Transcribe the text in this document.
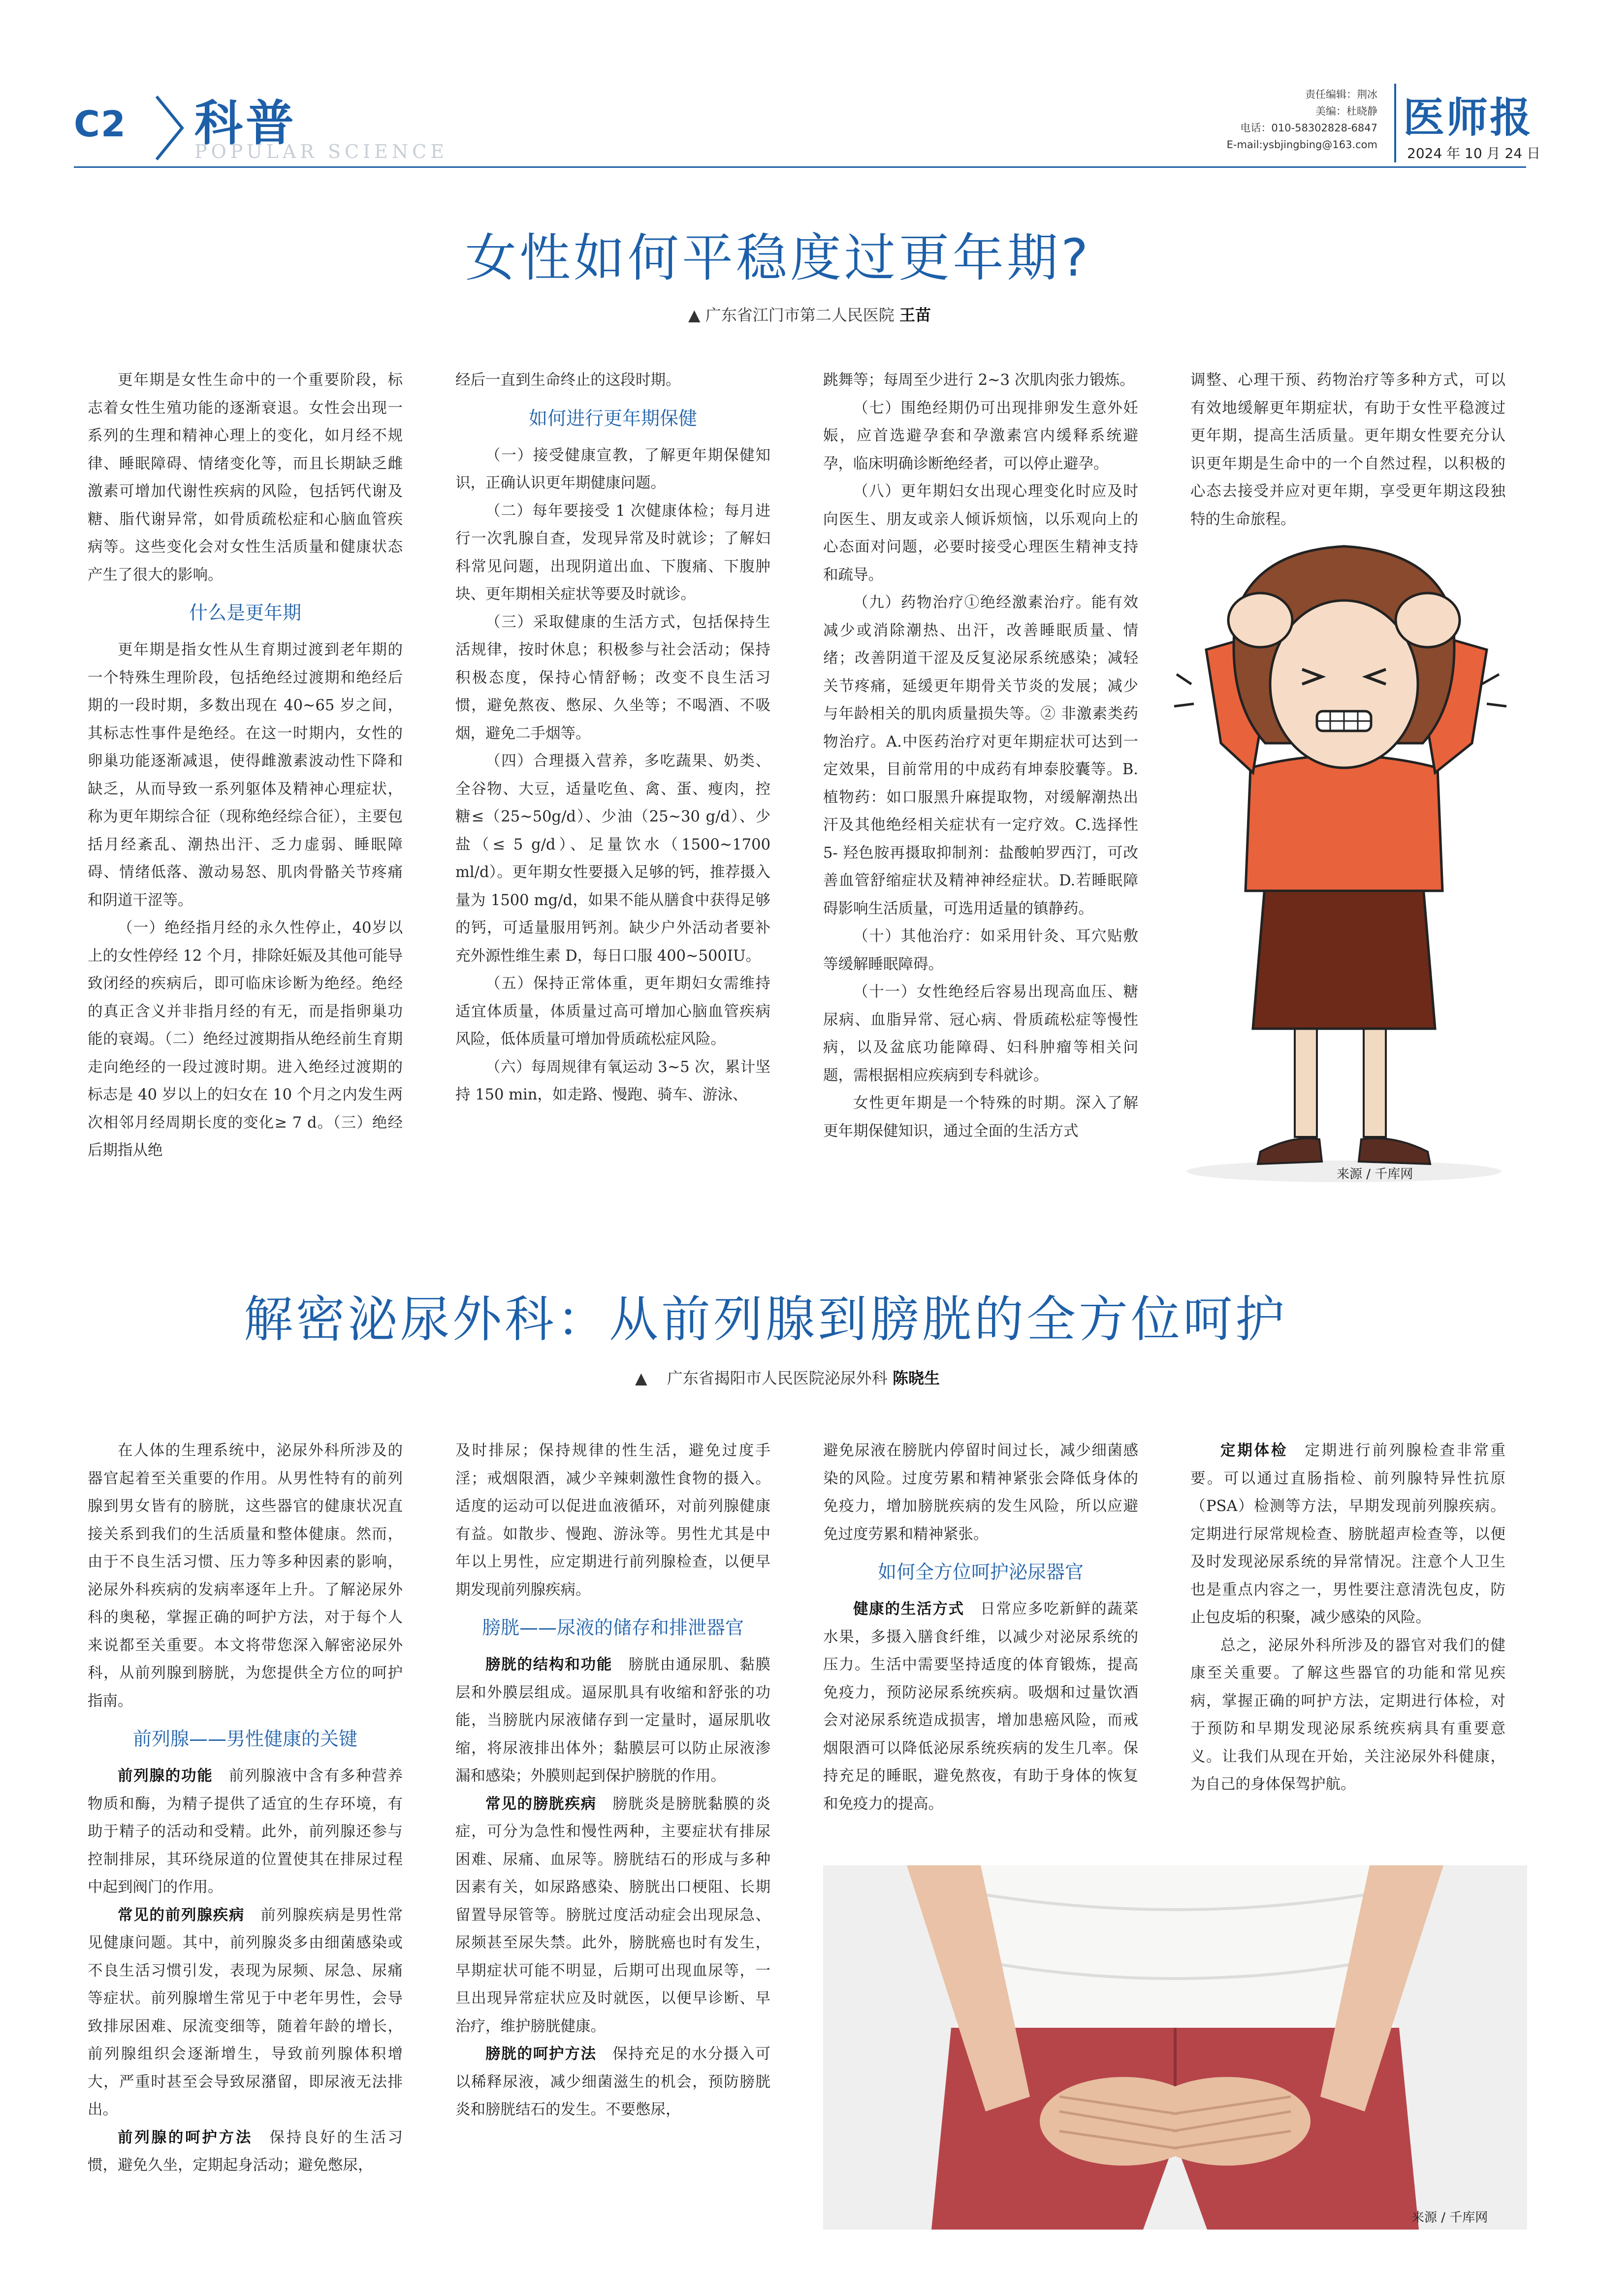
C2 科普
POPULAR SCIENCE
责任编辑：荆冰
美编：杜晓静
电话：010-58302828-6847
E-mail:ysbjingbing@163.com
医师报
2024 年 10 月 24 日
女性如何平稳度过更年期?
▲ 广东省江门市第二人民医院 王苗

更年期是女性生命中的一个重要阶段，标志着女性生殖功能的逐渐衰退。女性会出现一系列的生理和精神心理上的变化，如月经不规律、睡眠障碍、情绪变化等，而且长期缺乏雌激素可增加代谢性疾病的风险，包括钙代谢及糖、脂代谢异常，如骨质疏松症和心脑血管疾病等。这些变化会对女性生活质量和健康状态产生了很大的影响。

什么是更年期

更年期是指女性从生育期过渡到老年期的一个特殊生理阶段，包括绝经过渡期和绝经后期的一段时期，多数出现在 40~65 岁之间，其标志性事件是绝经。在这一时期内，女性的卵巢功能逐渐减退，使得雌激素波动性下降和缺乏，从而导致一系列躯体及精神心理症状，称为更年期综合征（现称绝经综合征），主要包括月经紊乱、潮热出汗、乏力虚弱、睡眠障碍、情绪低落、激动易怒、肌肉骨骼关节疼痛和阴道干涩等。

（一）绝经指月经的永久性停止，40岁以上的女性停经 12 个月，排除妊娠及其他可能导致闭经的疾病后，即可临床诊断为绝经。绝经的真正含义并非指月经的有无，而是指卵巢功能的衰竭。（二）绝经过渡期指从绝经前生育期走向绝经的一段过渡时期。进入绝经过渡期的标志是 40 岁以上的妇女在 10 个月之内发生两次相邻月经周期长度的变化≥ 7 d。（三）绝经后期指从绝

经后一直到生命终止的这段时期。

如何进行更年期保健

（一）接受健康宣教，了解更年期保健知识，正确认识更年期健康问题。

（二）每年要接受 1 次健康体检；每月进行一次乳腺自查，发现异常及时就诊；了解妇科常见问题，出现阴道出血、下腹痛、下腹肿块、更年期相关症状等要及时就诊。

（三）采取健康的生活方式，包括保持生活规律，按时休息；积极参与社会活动；保持积极态度，保持心情舒畅；改变不良生活习惯，避免熬夜、憋尿、久坐等；不喝酒、不吸烟，避免二手烟等。

（四）合理摄入营养，多吃蔬果、奶类、全谷物、大豆，适量吃鱼、禽、蛋、瘦肉，控糖≤（25~50g/d）、少油（25~30 g/d）、少盐（≤ 5 g/d）、足量饮水（1500~1700 ml/d）。更年期女性要摄入足够的钙，推荐摄入量为 1500 mg/d，如果不能从膳食中获得足够的钙，可适量服用钙剂。缺少户外活动者要补充外源性维生素 D，每日口服 400~500IU。

（五）保持正常体重，更年期妇女需维持适宜体质量，体质量过高可增加心脑血管疾病风险，低体质量可增加骨质疏松症风险。

（六）每周规律有氧运动 3~5 次，累计坚持 150 min，如走路、慢跑、骑车、游泳、

跳舞等；每周至少进行 2~3 次肌肉张力锻炼。

（七）围绝经期仍可出现排卵发生意外妊娠，应首选避孕套和孕激素宫内缓释系统避孕，临床明确诊断绝经者，可以停止避孕。

（八）更年期妇女出现心理变化时应及时向医生、朋友或亲人倾诉烦恼，以乐观向上的心态面对问题，必要时接受心理医生精神支持和疏导。

（九）药物治疗①绝经激素治疗。能有效减少或消除潮热、出汗，改善睡眠质量、情绪；改善阴道干涩及反复泌尿系统感染；减轻关节疼痛，延缓更年期骨关节炎的发展；减少与年龄相关的肌肉质量损失等。② 非激素类药物治疗。A.中医药治疗对更年期症状可达到一定效果，目前常用的中成药有坤泰胶囊等。B.植物药：如口服黑升麻提取物，对缓解潮热出汗及其他绝经相关症状有一定疗效。C.选择性 5- 羟色胺再摄取抑制剂：盐酸帕罗西汀，可改善血管舒缩症状及精神神经症状。D.若睡眠障碍影响生活质量，可选用适量的镇静药。

（十）其他治疗：如采用针灸、耳穴贴敷等缓解睡眠障碍。

（十一）女性绝经后容易出现高血压、糖尿病、血脂异常、冠心病、骨质疏松症等慢性病，以及盆底功能障碍、妇科肿瘤等相关问题，需根据相应疾病到专科就诊。

女性更年期是一个特殊的时期。深入了解更年期保健知识，通过全面的生活方式

调整、心理干预、药物治疗等多种方式，可以有效地缓解更年期症状，有助于女性平稳渡过更年期，提高生活质量。更年期女性要充分认识更年期是生命中的一个自然过程，以积极的心态去接受并应对更年期，享受更年期这段独特的生命旅程。

来源 / 千库网
解密泌尿外科：从前列腺到膀胱的全方位呵护
▲ 广东省揭阳市人民医院泌尿外科 陈晓生

在人体的生理系统中，泌尿外科所涉及的器官起着至关重要的作用。从男性特有的前列腺到男女皆有的膀胱，这些器官的健康状况直接关系到我们的生活质量和整体健康。然而，由于不良生活习惯、压力等多种因素的影响，泌尿外科疾病的发病率逐年上升。了解泌尿外科的奥秘，掌握正确的呵护方法，对于每个人来说都至关重要。本文将带您深入解密泌尿外科，从前列腺到膀胱，为您提供全方位的呵护指南。

前列腺——男性健康的关键

前列腺的功能  前列腺液中含有多种营养物质和酶，为精子提供了适宜的生存环境，有助于精子的活动和受精。此外，前列腺还参与控制排尿，其环绕尿道的位置使其在排尿过程中起到阀门的作用。

常见的前列腺疾病  前列腺疾病是男性常见健康问题。其中，前列腺炎多由细菌感染或不良生活习惯引发，表现为尿频、尿急、尿痛等症状。前列腺增生常见于中老年男性，会导致排尿困难、尿流变细等，随着年龄的增长，前列腺组织会逐渐增生，导致前列腺体积增大，严重时甚至会导致尿潴留，即尿液无法排出。

前列腺的呵护方法  保持良好的生活习惯，避免久坐，定期起身活动；避免憋尿，

及时排尿；保持规律的性生活，避免过度手淫；戒烟限酒，减少辛辣刺激性食物的摄入。适度的运动可以促进血液循环，对前列腺健康有益。如散步、慢跑、游泳等。男性尤其是中年以上男性，应定期进行前列腺检查，以便早期发现前列腺疾病。

膀胱——尿液的储存和排泄器官

膀胱的结构和功能  膀胱由通尿肌、黏膜层和外膜层组成。逼尿肌具有收缩和舒张的功能，当膀胱内尿液储存到一定量时，逼尿肌收缩，将尿液排出体外；黏膜层可以防止尿液渗漏和感染；外膜则起到保护膀胱的作用。

常见的膀胱疾病  膀胱炎是膀胱黏膜的炎症，可分为急性和慢性两种，主要症状有排尿困难、尿痛、血尿等。膀胱结石的形成与多种因素有关，如尿路感染、膀胱出口梗阻、长期留置导尿管等。膀胱过度活动症会出现尿急、尿频甚至尿失禁。此外，膀胱癌也时有发生，早期症状可能不明显，后期可出现血尿等，一旦出现异常症状应及时就医，以便早诊断、早治疗，维护膀胱健康。

膀胱的呵护方法  保持充足的水分摄入可以稀释尿液，减少细菌滋生的机会，预防膀胱炎和膀胱结石的发生。不要憋尿，

避免尿液在膀胱内停留时间过长，减少细菌感染的风险。过度劳累和精神紧张会降低身体的免疫力，增加膀胱疾病的发生风险，所以应避免过度劳累和精神紧张。

如何全方位呵护泌尿器官

健康的生活方式  日常应多吃新鲜的蔬菜水果，多摄入膳食纤维，以减少对泌尿系统的压力。生活中需要坚持适度的体育锻炼，提高免疫力，预防泌尿系统疾病。吸烟和过量饮酒会对泌尿系统造成损害，增加患癌风险，而戒烟限酒可以降低泌尿系统疾病的发生几率。保持充足的睡眠，避免熬夜，有助于身体的恢复和免疫力的提高。

定期体检  定期进行前列腺检查非常重要。可以通过直肠指检、前列腺特异性抗原（PSA）检测等方法，早期发现前列腺疾病。定期进行尿常规检查、膀胱超声检查等，以便及时发现泌尿系统的异常情况。注意个人卫生也是重点内容之一，男性要注意清洗包皮，防止包皮垢的积聚，减少感染的风险。

总之，泌尿外科所涉及的器官对我们的健康至关重要。了解这些器官的功能和常见疾病，掌握正确的呵护方法，定期进行体检，对于预防和早期发现泌尿系统疾病具有重要意义。让我们从现在开始，关注泌尿外科健康，为自己的身体保驾护航。

来源 / 千库网
